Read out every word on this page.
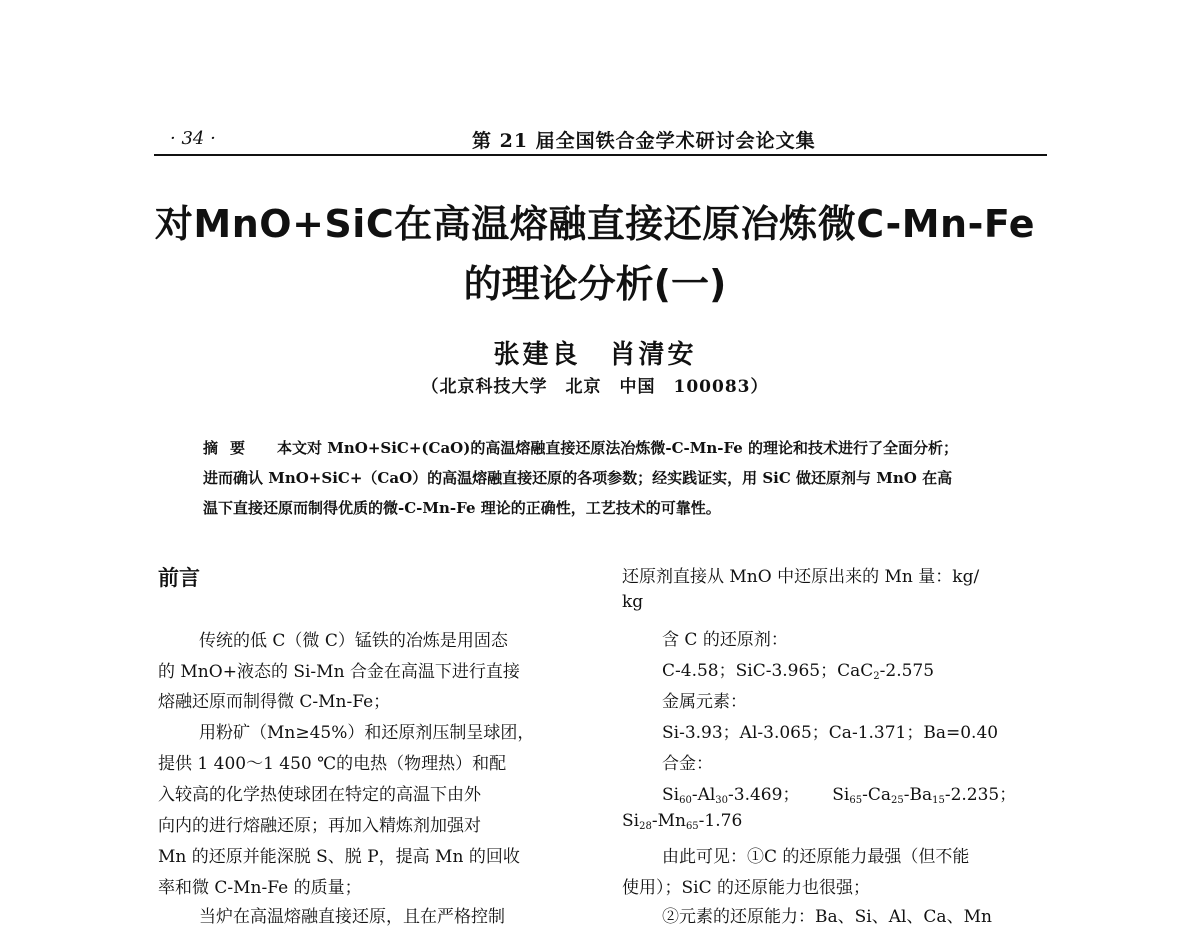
· 34 ·	第 21 届全国铁合金学术研讨会论文集
对MnO+SiC在高温熔融直接还原冶炼微C-Mn-Fe
的理论分析(一)
张建良　肖清安
（北京科技大学　北京　中国　100083）
摘要 本文对 MnO+SiC+(CaO)的高温熔融直接还原法冶炼微-C-Mn-Fe 的理论和技术进行了全面分析；
进而确认 MnO+SiC+（CaO）的高温熔融直接还原的各项参数；经实践证实，用 SiC 做还原剂与 MnO 在高
温下直接还原而制得优质的微-C-Mn-Fe 理论的正确性，工艺技术的可靠性。
前言
传统的低 C（微 C）锰铁的冶炼是用固态
的 MnO+液态的 Si-Mn 合金在高温下进行直接
熔融还原而制得微 C-Mn-Fe；
用粉矿（Mn≥45%）和还原剂压制呈球团，
提供 1 400～1 450 ℃的电热（物理热）和配
入较高的化学热使球团在特定的高温下由外
向内的进行熔融还原；再加入精炼剂加强对
Mn 的还原并能深脱 S、脱 P，提高 Mn 的回收
率和微 C-Mn-Fe 的质量；
当炉在高温熔融直接还原，且在严格控制
还原剂直接从 MnO 中还原出来的 Mn 量：kg/
kg
含 C 的还原剂：
C-4.58；SiC-3.965；CaC$_2$-2.575
金属元素：
Si-3.93；Al-3.065；Ca-1.371；Ba=0.40
合金：
$Si_{60}-Al_{30}-3.469$； $Si_{65}-Ca_{25}-Ba_{15}-2.235$；
$Si_{28}-Mn_{65}-1.76$
由此可见：①C 的还原能力最强（但不能
使用）；SiC 的还原能力也很强；
②元素的还原能力：Ba、Si、Al、Ca、Mn
